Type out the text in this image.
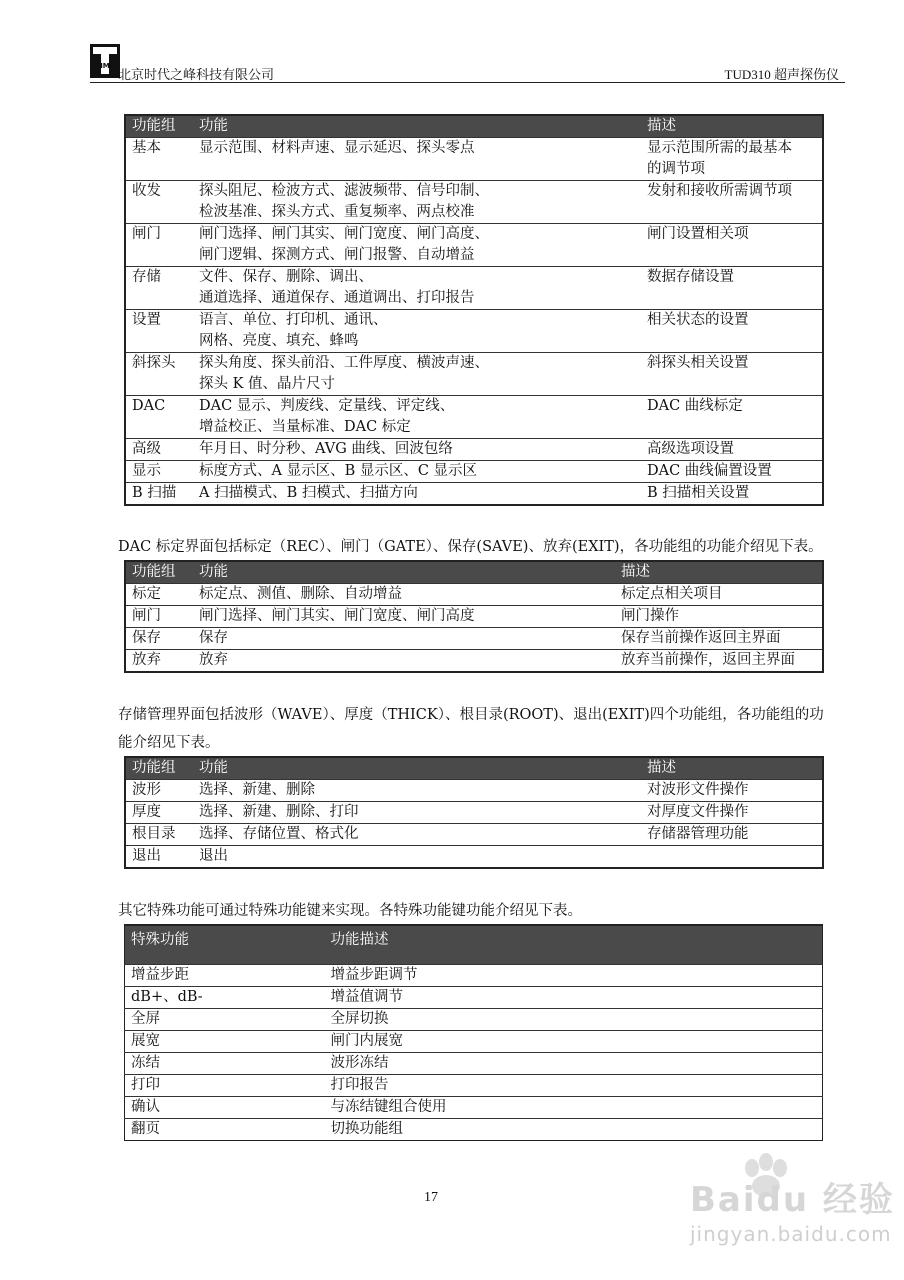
TIME
北京时代之峰科技有限公司	TUD310 超声探伤仪
功能组	功能	描述
基本	显示范围、材料声速、显示延迟、探头零点	显示范围所需的最基本
的调节项

收发	探头阻尼、检波方式、滤波频带、信号印制、
检波基准、探头方式、重复频率、两点校准	发射和接收所需调节项

闸门	闸门选择、闸门其实、闸门宽度、闸门高度、
闸门逻辑、探测方式、闸门报警、自动增益	闸门设置相关项

存储	文件、保存、删除、调出、
通道选择、通道保存、通道调出、打印报告	数据存储设置

设置	语言、单位、打印机、通讯、
网格、亮度、填充、蜂鸣	相关状态的设置

斜探头	探头角度、探头前沿、工件厚度、横波声速、
探头 K 值、晶片尺寸	斜探头相关设置

DAC	DAC 显示、判废线、定量线、评定线、
增益校正、当量标准、DAC 标定	DAC 曲线标定

高级	年月日、时分秒、AVG 曲线、回波包络	高级选项设置

显示	标度方式、A 显示区、B 显示区、C 显示区	DAC 曲线偏置设置

B 扫描	A 扫描模式、B 扫模式、扫描方向	B 扫描相关设置
DAC 标定界面包括标定（REC）、闸门（GATE）、保存(SAVE)、放弃(EXIT)，各功能组的功能介绍见下表。
功能组	功能	描述
标定	标定点、测值、删除、自动增益	标定点相关项目
闸门	闸门选择、闸门其实、闸门宽度、闸门高度	闸门操作
保存	保存	保存当前操作返回主界面
放弃	放弃	放弃当前操作，返回主界面
存储管理界面包括波形（WAVE）、厚度（THICK）、根目录(ROOT)、退出(EXIT)四个功能组，各功能组的功
能介绍见下表。
功能组	功能	描述
波形	选择、新建、删除	对波形文件操作
厚度	选择、新建、删除、打印	对厚度文件操作
根目录	选择、存储位置、格式化	存储器管理功能
退出	退出	
其它特殊功能可通过特殊功能键来实现。各特殊功能键功能介绍见下表。
特殊功能	功能描述
增益步距	增益步距调节
dB+、dB-	增益值调节
全屏	全屏切换
展宽	闸门内展宽
冻结	波形冻结
打印	打印报告
确认	与冻结键组合使用
翻页	切换功能组
17	Baidu 经验
jingyan.baidu.com
